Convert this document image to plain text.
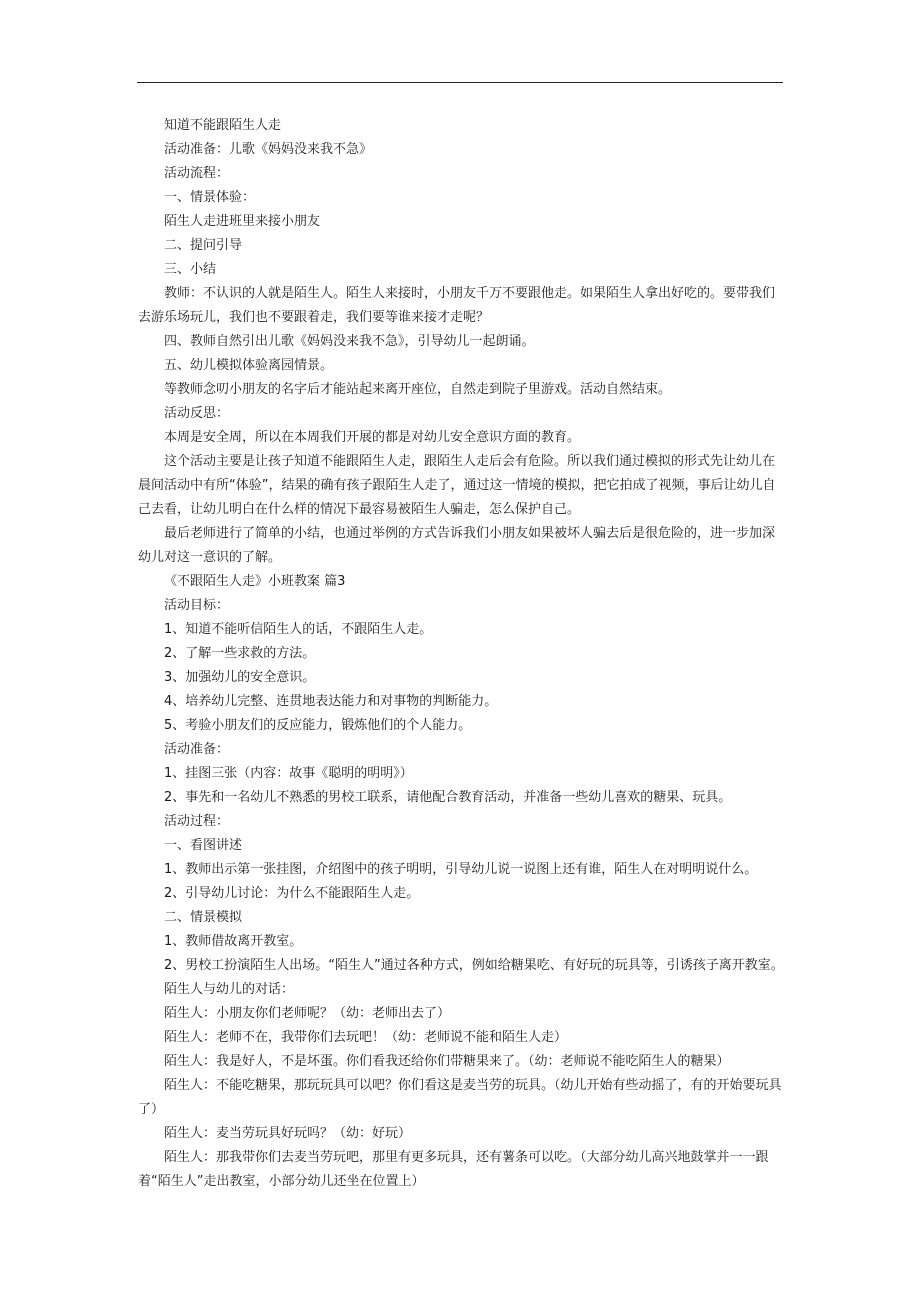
知道不能跟陌生人走

活动准备：儿歌《妈妈没来我不急》

活动流程：

一、情景体验：

陌生人走进班里来接小朋友

二、提问引导

三、小结

教师：不认识的人就是陌生人。陌生人来接时，小朋友千万不要跟他走。如果陌生人拿出好吃的。要带我们去游乐场玩儿，我们也不要跟着走，我们要等谁来接才走呢？

四、教师自然引出儿歌《妈妈没来我不急》，引导幼儿一起朗诵。

五、幼儿模拟体验离园情景。

等教师念叨小朋友的名字后才能站起来离开座位，自然走到院子里游戏。活动自然结束。

活动反思：

本周是安全周，所以在本周我们开展的都是对幼儿安全意识方面的教育。

这个活动主要是让孩子知道不能跟陌生人走，跟陌生人走后会有危险。所以我们通过模拟的形式先让幼儿在晨间活动中有所“体验”，结果的确有孩子跟陌生人走了，通过这一情境的模拟，把它拍成了视频，事后让幼儿自己去看，让幼儿明白在什么样的情况下最容易被陌生人骗走，怎么保护自己。

最后老师进行了简单的小结，也通过举例的方式告诉我们小朋友如果被坏人骗去后是很危险的，进一步加深幼儿对这一意识的了解。

《不跟陌生人走》小班教案 篇3

活动目标：

1、知道不能听信陌生人的话，不跟陌生人走。

2、了解一些求救的方法。

3、加强幼儿的安全意识。

4、培养幼儿完整、连贯地表达能力和对事物的判断能力。

5、考验小朋友们的反应能力，锻炼他们的个人能力。

活动准备：

1、挂图三张（内容：故事《聪明的明明》）

2、事先和一名幼儿不熟悉的男校工联系，请他配合教育活动，并准备一些幼儿喜欢的糖果、玩具。

活动过程：

一、看图讲述

1、教师出示第一张挂图，介绍图中的孩子明明，引导幼儿说一说图上还有谁，陌生人在对明明说什么。

2、引导幼儿讨论：为什么不能跟陌生人走。

二、情景模拟

1、教师借故离开教室。

2、男校工扮演陌生人出场。“陌生人”通过各种方式，例如给糖果吃、有好玩的玩具等，引诱孩子离开教室。

陌生人与幼儿的对话：

陌生人：小朋友你们老师呢？（幼：老师出去了）

陌生人：老师不在，我带你们去玩吧！（幼：老师说不能和陌生人走）

陌生人：我是好人，不是坏蛋。你们看我还给你们带糖果来了。（幼：老师说不能吃陌生人的糖果）

陌生人：不能吃糖果，那玩玩具可以吧？你们看这是麦当劳的玩具。（幼儿开始有些动摇了，有的开始要玩具了）

陌生人：麦当劳玩具好玩吗？（幼：好玩）

陌生人：那我带你们去麦当劳玩吧，那里有更多玩具，还有薯条可以吃。（大部分幼儿高兴地鼓掌并一一跟着“陌生人”走出教室，小部分幼儿还坐在位置上）
